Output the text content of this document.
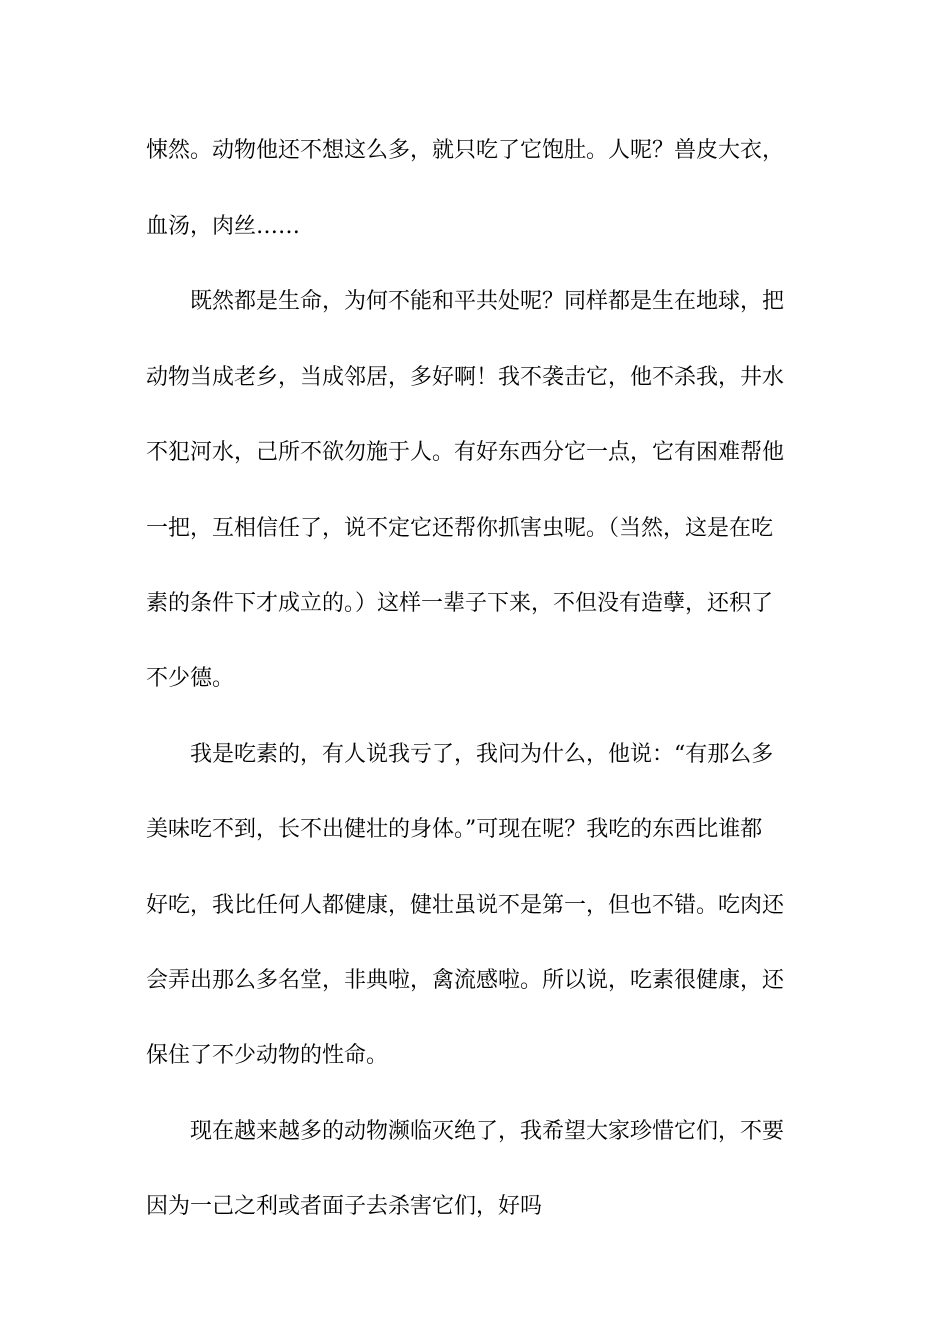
悚然。动物他还不想这么多，就只吃了它饱肚。人呢？兽皮大衣，

血汤，肉丝……

既然都是生命，为何不能和平共处呢？同样都是生在地球，把

动物当成老乡，当成邻居，多好啊！我不袭击它，他不杀我，井水

不犯河水，己所不欲勿施于人。有好东西分它一点，它有困难帮他

一把，互相信任了，说不定它还帮你抓害虫呢。（当然，这是在吃

素的条件下才成立的。）这样一辈子下来，不但没有造孽，还积了

不少德。

我是吃素的，有人说我亏了，我问为什么，他说：“有那么多

美味吃不到，长不出健壮的身体。”可现在呢？我吃的东西比谁都

好吃，我比任何人都健康，健壮虽说不是第一，但也不错。吃肉还

会弄出那么多名堂，非典啦，禽流感啦。所以说，吃素很健康，还

保住了不少动物的性命。

现在越来越多的动物濒临灭绝了，我希望大家珍惜它们，不要

因为一己之利或者面子去杀害它们，好吗
